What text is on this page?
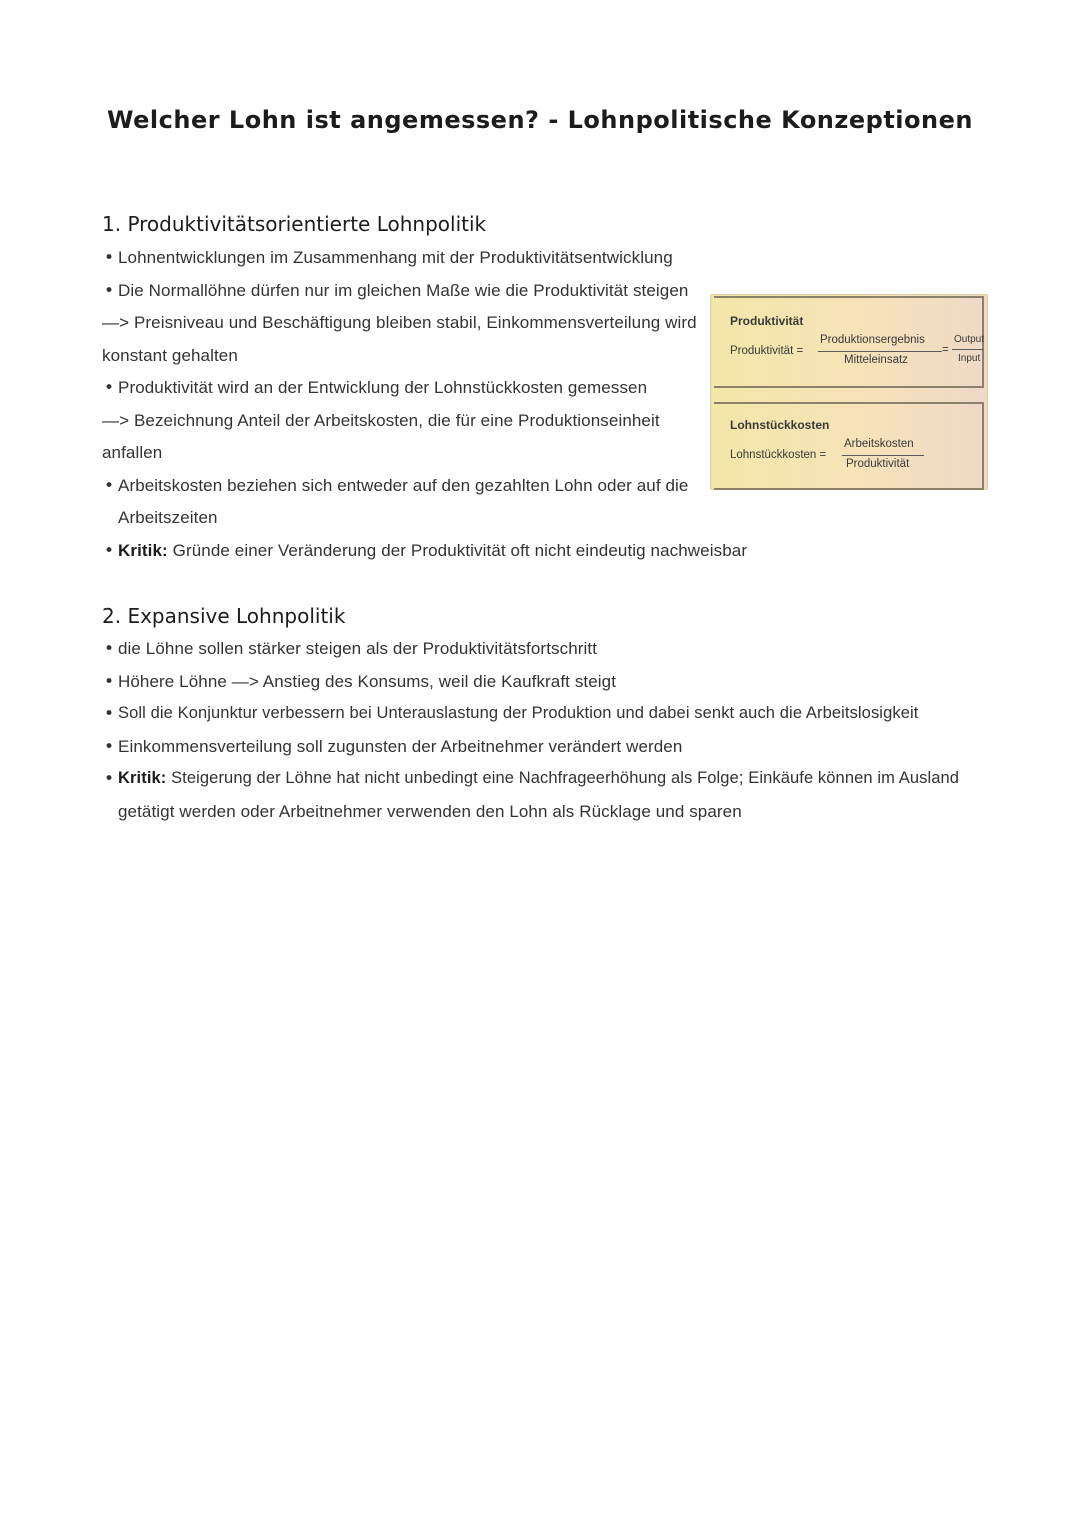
Welcher Lohn ist angemessen? - Lohnpolitische Konzeptionen
1. Produktivitätsorientierte Lohnpolitik
• Lohnentwicklungen im Zusammenhang mit der Produktivitätsentwicklung
• Die Normallöhne dürfen nur im gleichen Maße wie die Produktivität steigen
—> Preisniveau und Beschäftigung bleiben stabil, Einkommensverteilung wird
konstant gehalten
• Produktivität wird an der Entwicklung der Lohnstückkosten gemessen
—> Bezeichnung Anteil der Arbeitskosten, die für eine Produktionseinheit
anfallen
• Arbeitskosten beziehen sich entweder auf den gezahlten Lohn oder auf die
Arbeitszeiten
• Kritik: Gründe einer Veränderung der Produktivität oft nicht eindeutig nachweisbar
Produktivität
Produktivität =
Produktionsergebnis
Mitteleinsatz
=
Output
Input
Lohnstückkosten
Lohnstückkosten =
Arbeitskosten
Produktivität
2. Expansive Lohnpolitik
• die Löhne sollen stärker steigen als der Produktivitätsfortschritt
• Höhere Löhne —> Anstieg des Konsums, weil die Kaufkraft steigt
• Soll die Konjunktur verbessern bei Unterauslastung der Produktion und dabei senkt auch die Arbeitslosigkeit
• Einkommensverteilung soll zugunsten der Arbeitnehmer verändert werden
• Kritik: Steigerung der Löhne hat nicht unbedingt eine Nachfrageerhöhung als Folge; Einkäufe können im Ausland
getätigt werden oder Arbeitnehmer verwenden den Lohn als Rücklage und sparen
